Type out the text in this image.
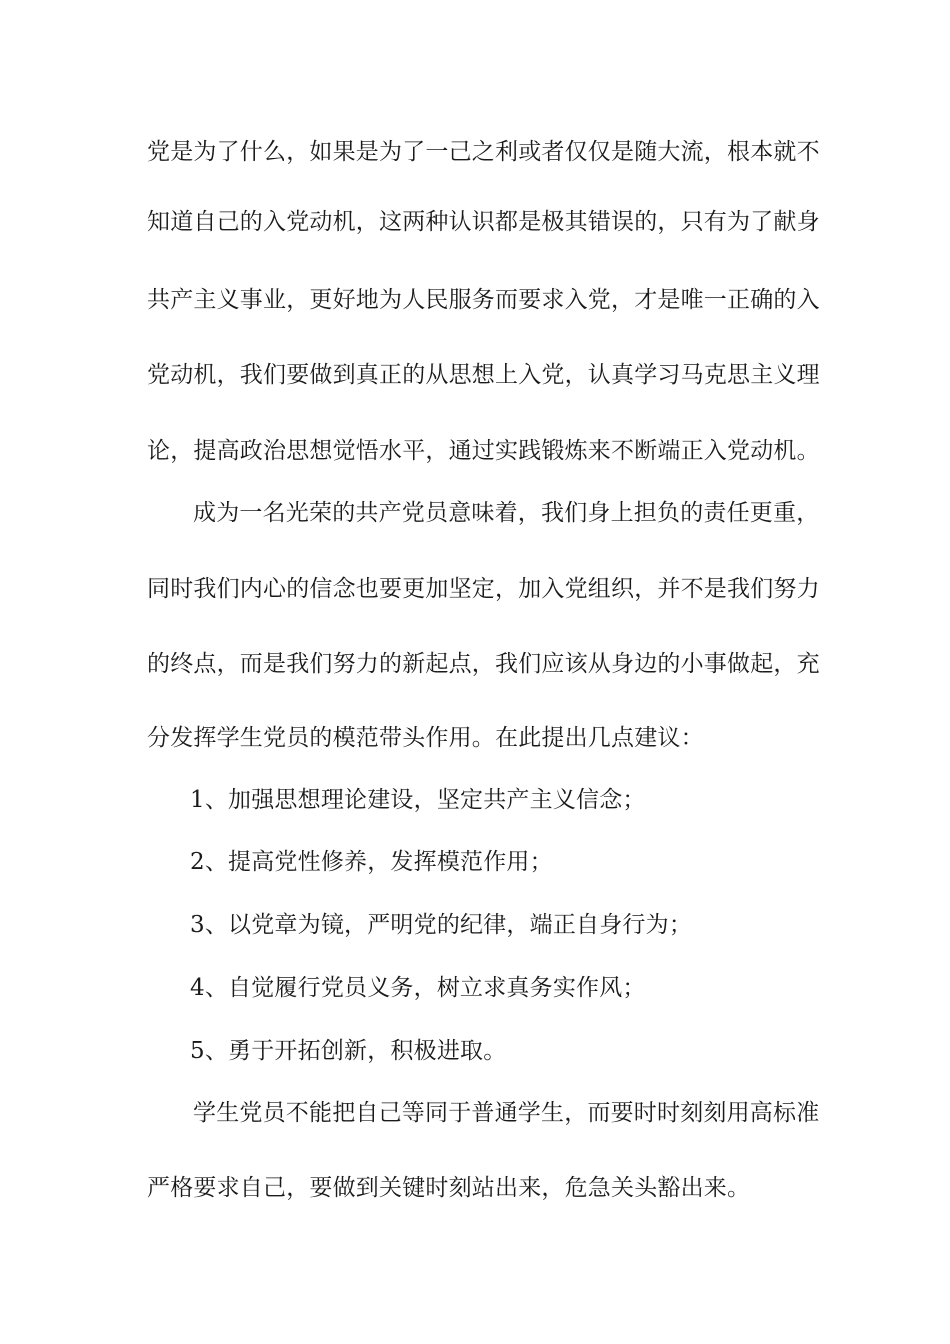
党是为了什么，如果是为了一己之利或者仅仅是随大流，根本就不
知道自己的入党动机，这两种认识都是极其错误的，只有为了献身
共产主义事业，更好地为人民服务而要求入党，才是唯一正确的入
党动机，我们要做到真正的从思想上入党，认真学习马克思主义理
论，提高政治思想觉悟水平，通过实践锻炼来不断端正入党动机。
成为一名光荣的共产党员意味着，我们身上担负的责任更重，
同时我们内心的信念也要更加坚定，加入党组织，并不是我们努力
的终点，而是我们努力的新起点，我们应该从身边的小事做起，充
分发挥学生党员的模范带头作用。在此提出几点建议：
1、加强思想理论建设，坚定共产主义信念；
2、提高党性修养，发挥模范作用；
3、以党章为镜，严明党的纪律，端正自身行为；
4、自觉履行党员义务，树立求真务实作风；
5、勇于开拓创新，积极进取。
学生党员不能把自己等同于普通学生，而要时时刻刻用高标准
严格要求自己，要做到关键时刻站出来，危急关头豁出来。
